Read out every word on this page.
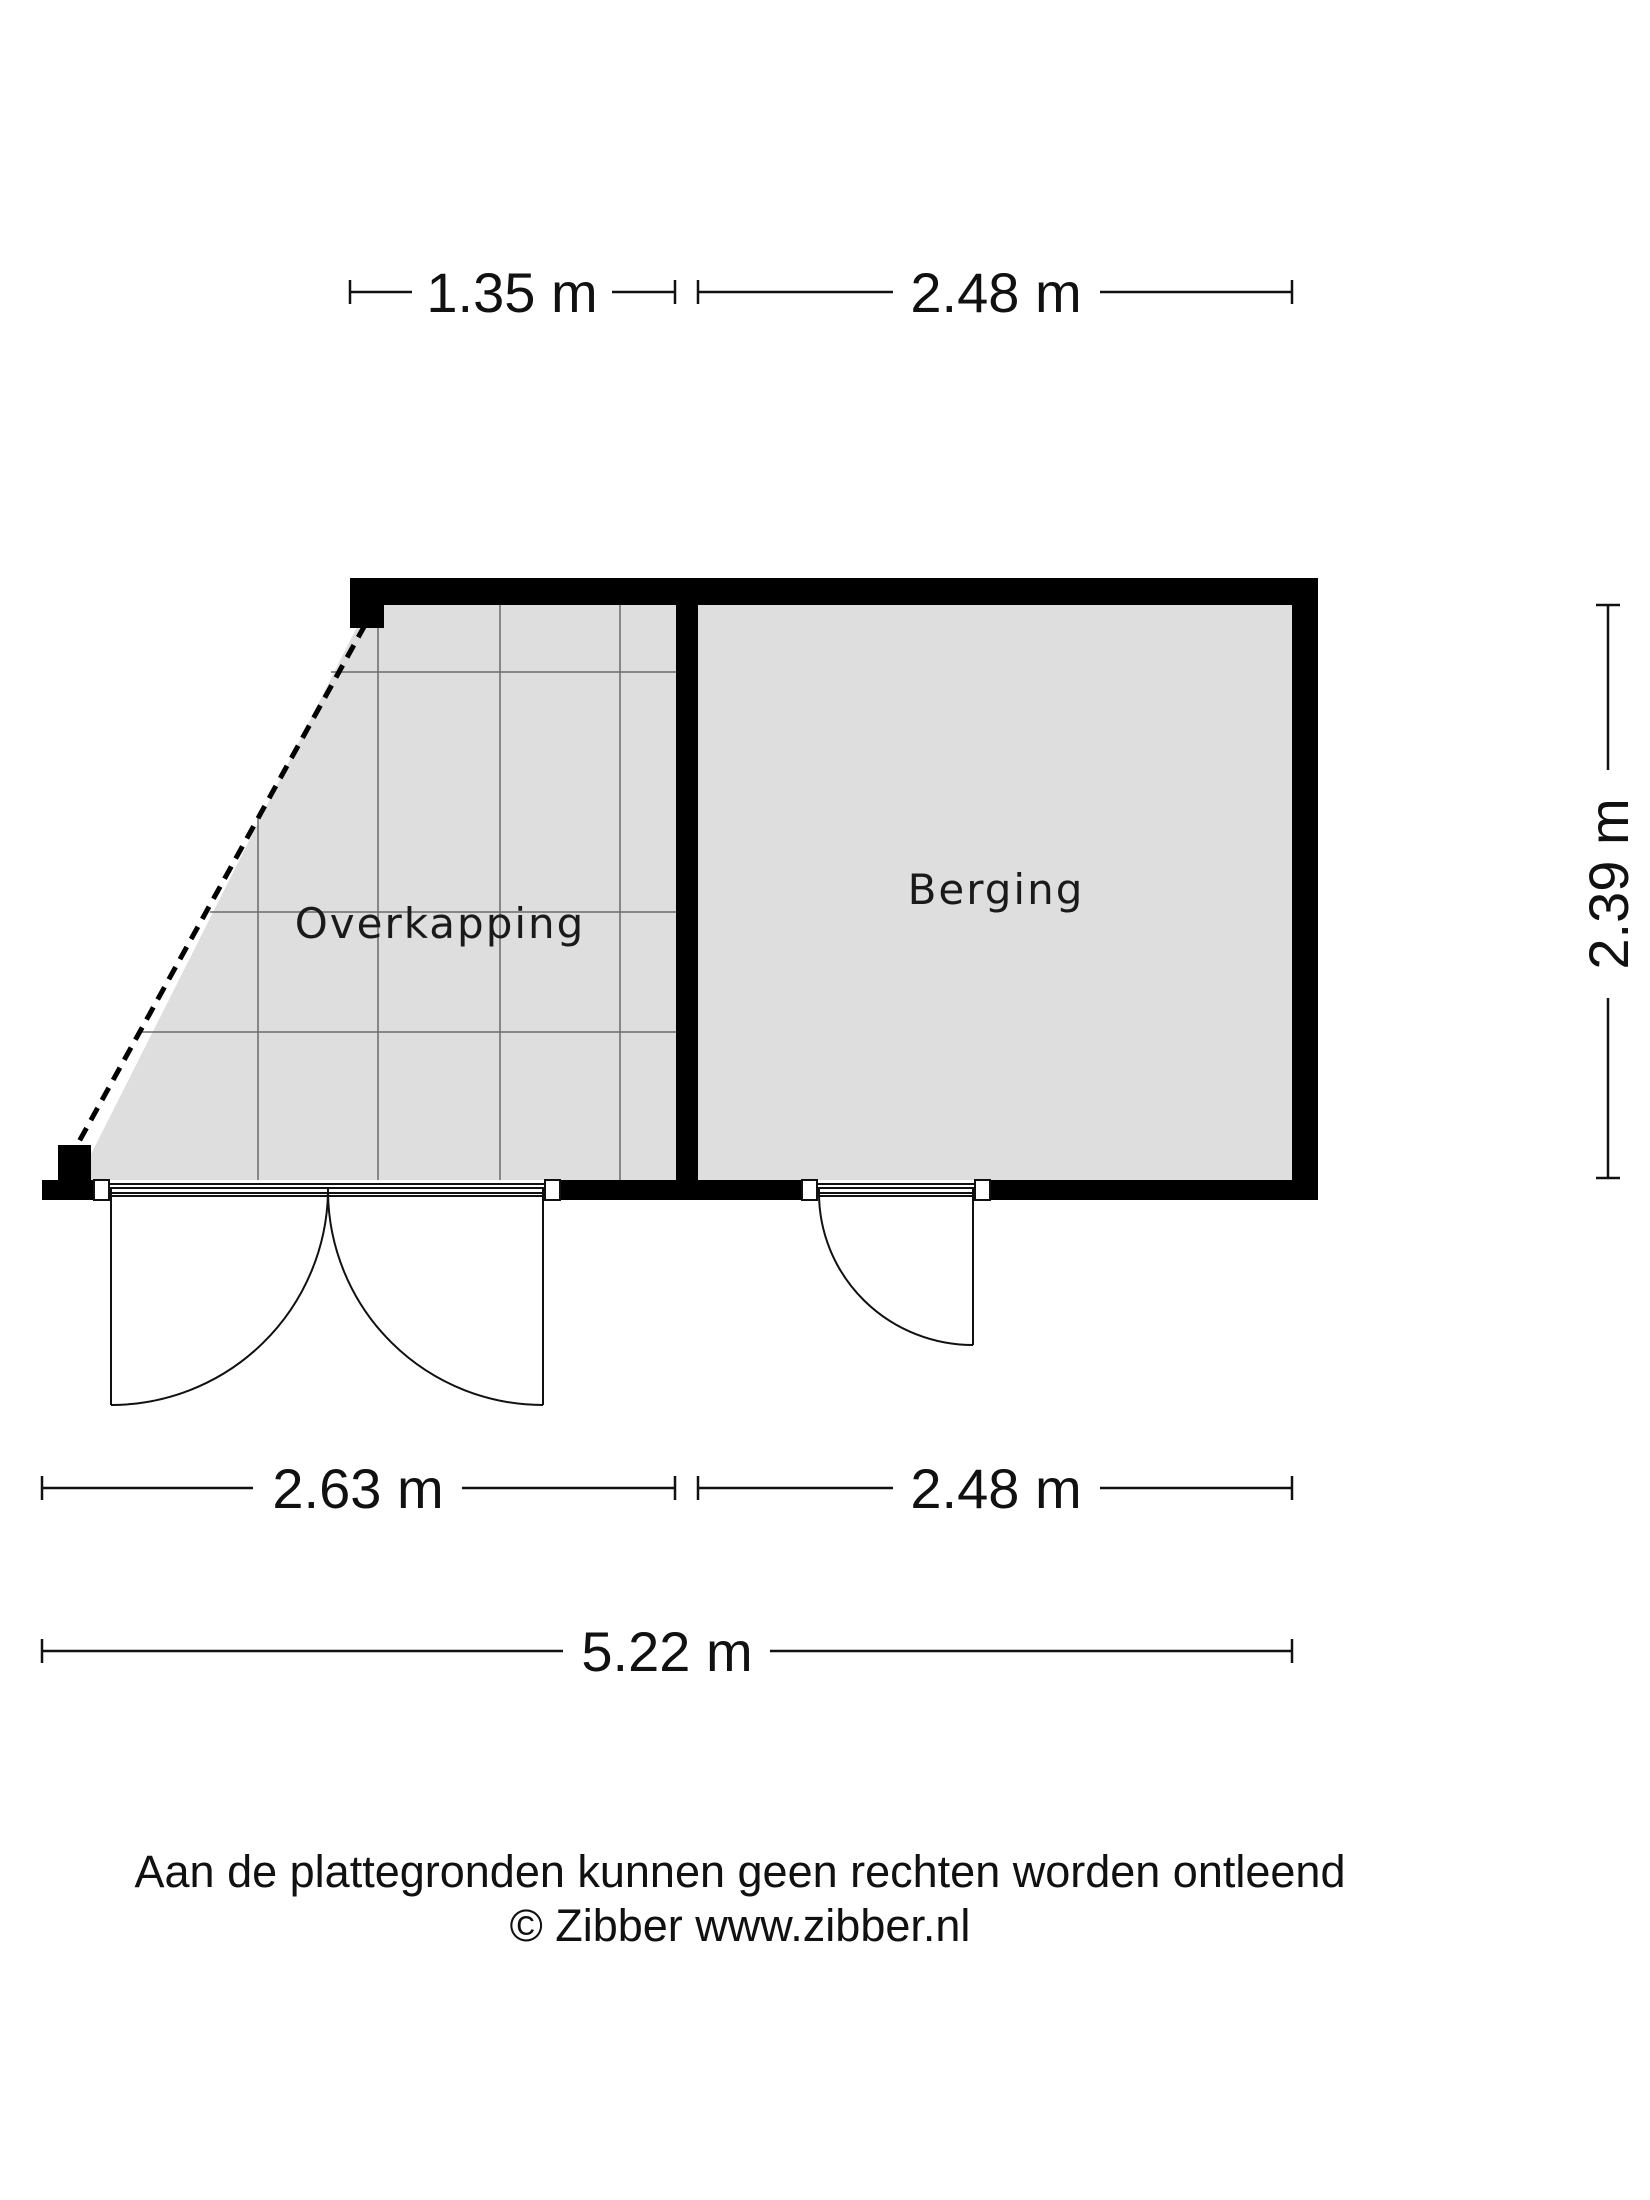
Overkapping
Berging
1.35 m	2.48 m
2.39 m
2.63 m	2.48 m
5.22 m
Aan de plattegronden kunnen geen rechten worden ontleend
© Zibber www.zibber.nl
